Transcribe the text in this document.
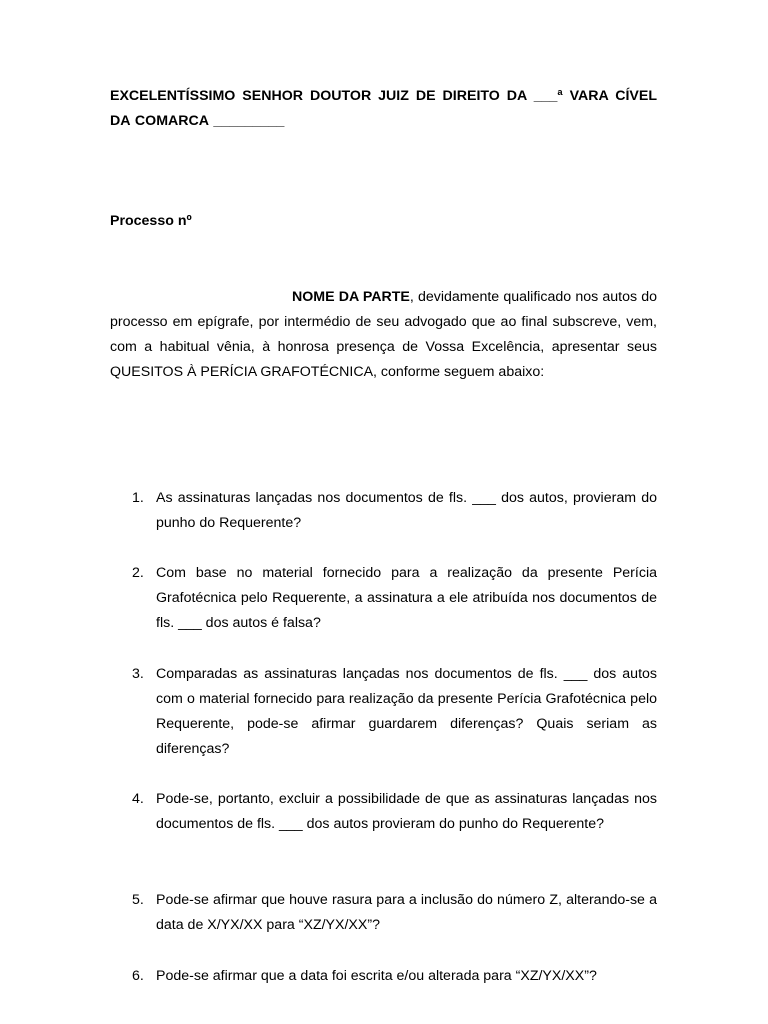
EXCELENTÍSSIMO SENHOR DOUTOR JUIZ DE DIREITO DA ___ª VARA CÍVEL DA COMARCA _________

Processo nº

NOME DA PARTE, devidamente qualificado nos autos do processo em epígrafe, por intermédio de seu advogado que ao final subscreve, vem, com a habitual vênia, à honrosa presença de Vossa Excelência, apresentar seus QUESITOS À PERÍCIA GRAFOTÉCNICA, conforme seguem abaixo:

1. As assinaturas lançadas nos documentos de fls. ___ dos autos, provieram do punho do Requerente?

2. Com base no material fornecido para a realização da presente Perícia Grafotécnica pelo Requerente, a assinatura a ele atribuída nos documentos de fls. ___ dos autos é falsa?

3. Comparadas as assinaturas lançadas nos documentos de fls. ___ dos autos com o material fornecido para realização da presente Perícia Grafotécnica pelo Requerente, pode-se afirmar guardarem diferenças? Quais seriam as diferenças?

4. Pode-se, portanto, excluir a possibilidade de que as assinaturas lançadas nos documentos de fls. ___ dos autos provieram do punho do Requerente?

5. Pode-se afirmar que houve rasura para a inclusão do número Z, alterando-se a data de X/YX/XX para “XZ/YX/XX”?

6. Pode-se afirmar que a data foi escrita e/ou alterada para “XZ/YX/XX”?
